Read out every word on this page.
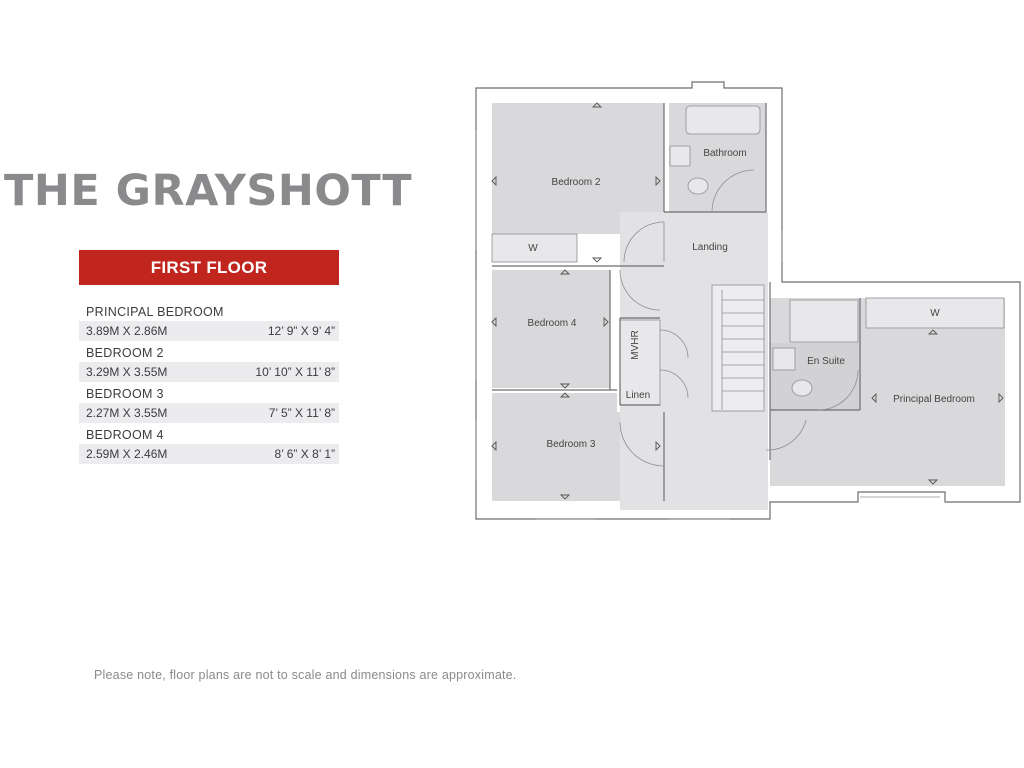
THE GRAYSHOTT
FIRST FLOOR
PRINCIPAL BEDROOM
3.89M X 2.86M	12’ 9” X 9’ 4”
BEDROOM 2
3.29M X 3.55M	10’ 10” X 11’ 8”
BEDROOM 3
2.27M X 3.55M	7’ 5” X 11’ 8”
BEDROOM 4
2.59M X 2.46M	8’ 6” X 8’ 1”
Bedroom 2
Bathroom
Landing
W
Bedroom 4
MVHR
Linen
Bedroom 3
En Suite
Principal Bedroom
W
Please note, floor plans are not to scale and dimensions are approximate.
